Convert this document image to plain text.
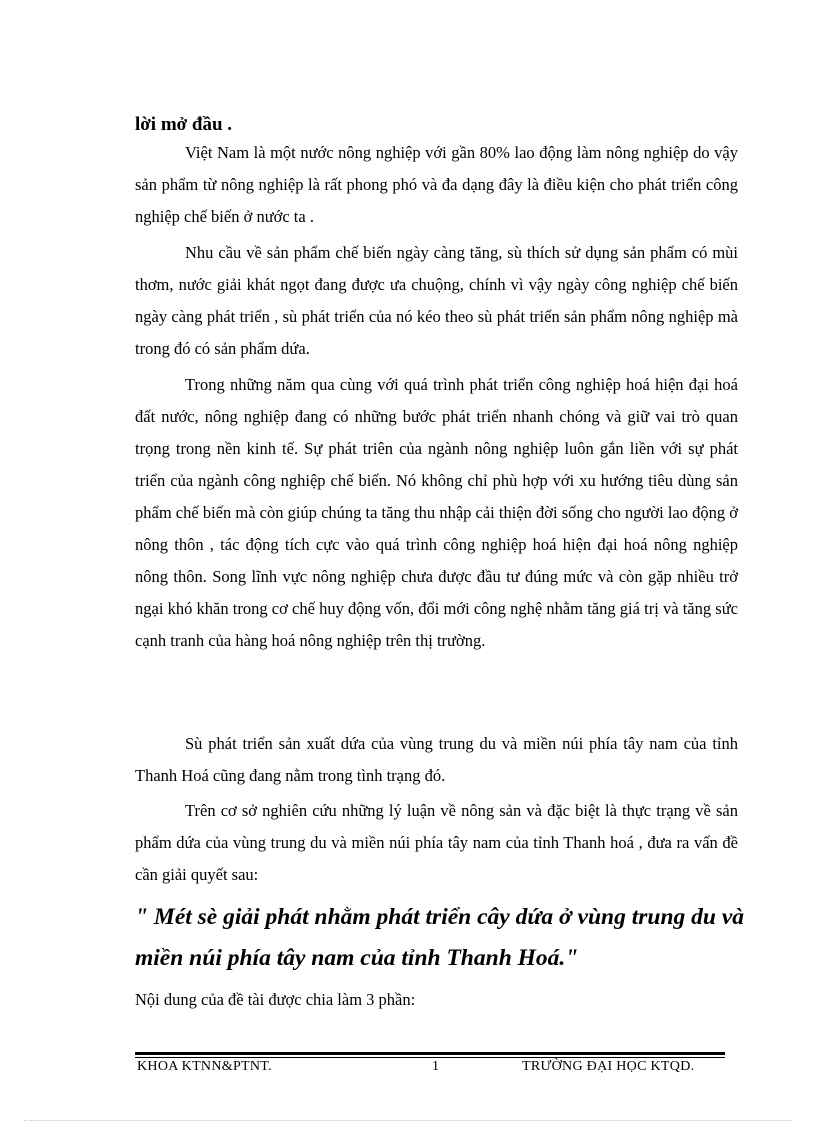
lời mở đầu .

Việt Nam là một nước nông nghiệp với gần 80% lao động làm nông nghiệp do vậy sản phẩm từ nông nghiệp là rất phong phó và đa dạng đây là điều kiện cho phát triển công nghiệp chế biến ở nước ta .

Nhu cầu về sản phẩm chế biến ngày càng tăng, sù thích sử dụng sản phẩm có mùi thơm, nước giải khát ngọt đang được ưa chuộng, chính vì vậy ngày công nghiệp chế biến ngày càng phát triển , sù phát triển của nó kéo theo sù phát triển sản phẩm nông nghiệp mà trong đó có sản phẩm dứa.

Trong những năm qua cùng với quá trình phát triển công nghiệp hoá hiện đại hoá đất nước, nông nghiệp đang có những bước phát triển nhanh chóng và giữ vai trò quan trọng trong nền kinh tế. Sự phát triên của ngành nông nghiệp luôn gắn liền với sự phát triển của ngành công nghiệp chế biến. Nó không chỉ phù hợp với xu hướng tiêu dùng sản phẩm chế biến mà còn giúp chúng ta tăng thu nhập cải thiện đời sống cho người lao động ở nông thôn , tác động tích cực vào quá trình công nghiệp hoá hiện đại hoá nông nghiệp nông thôn. Song lĩnh vực nông nghiệp chưa được đầu tư đúng mức và còn gặp nhiều trở ngại khó khăn trong cơ chế huy động vốn, đổi mới công nghệ nhằm tăng giá trị và tăng sức cạnh tranh của hàng hoá nông nghiệp trên thị trường.

Sù phát triển sản xuất dứa của vùng trung du và miền núi phía tây nam của tỉnh Thanh Hoá cũng đang nằm trong tình trạng đó.

Trên cơ sở nghiên cứu những lý luận về nông sản và đặc biệt là thực trạng về sản phẩm dứa của vùng trung du và miền núi phía tây nam của tỉnh Thanh hoá , đưa ra vấn đề cần giải quyết sau:

" Mét sè giải phát nhằm phát triển cây dứa ở vùng trung du và miền núi phía tây nam của tỉnh Thanh Hoá."

Nội dung của đề tài được chia làm 3 phần:
KHOA KTNN&PTNT.	1	TRƯỜNG ĐẠI HỌC KTQD.
